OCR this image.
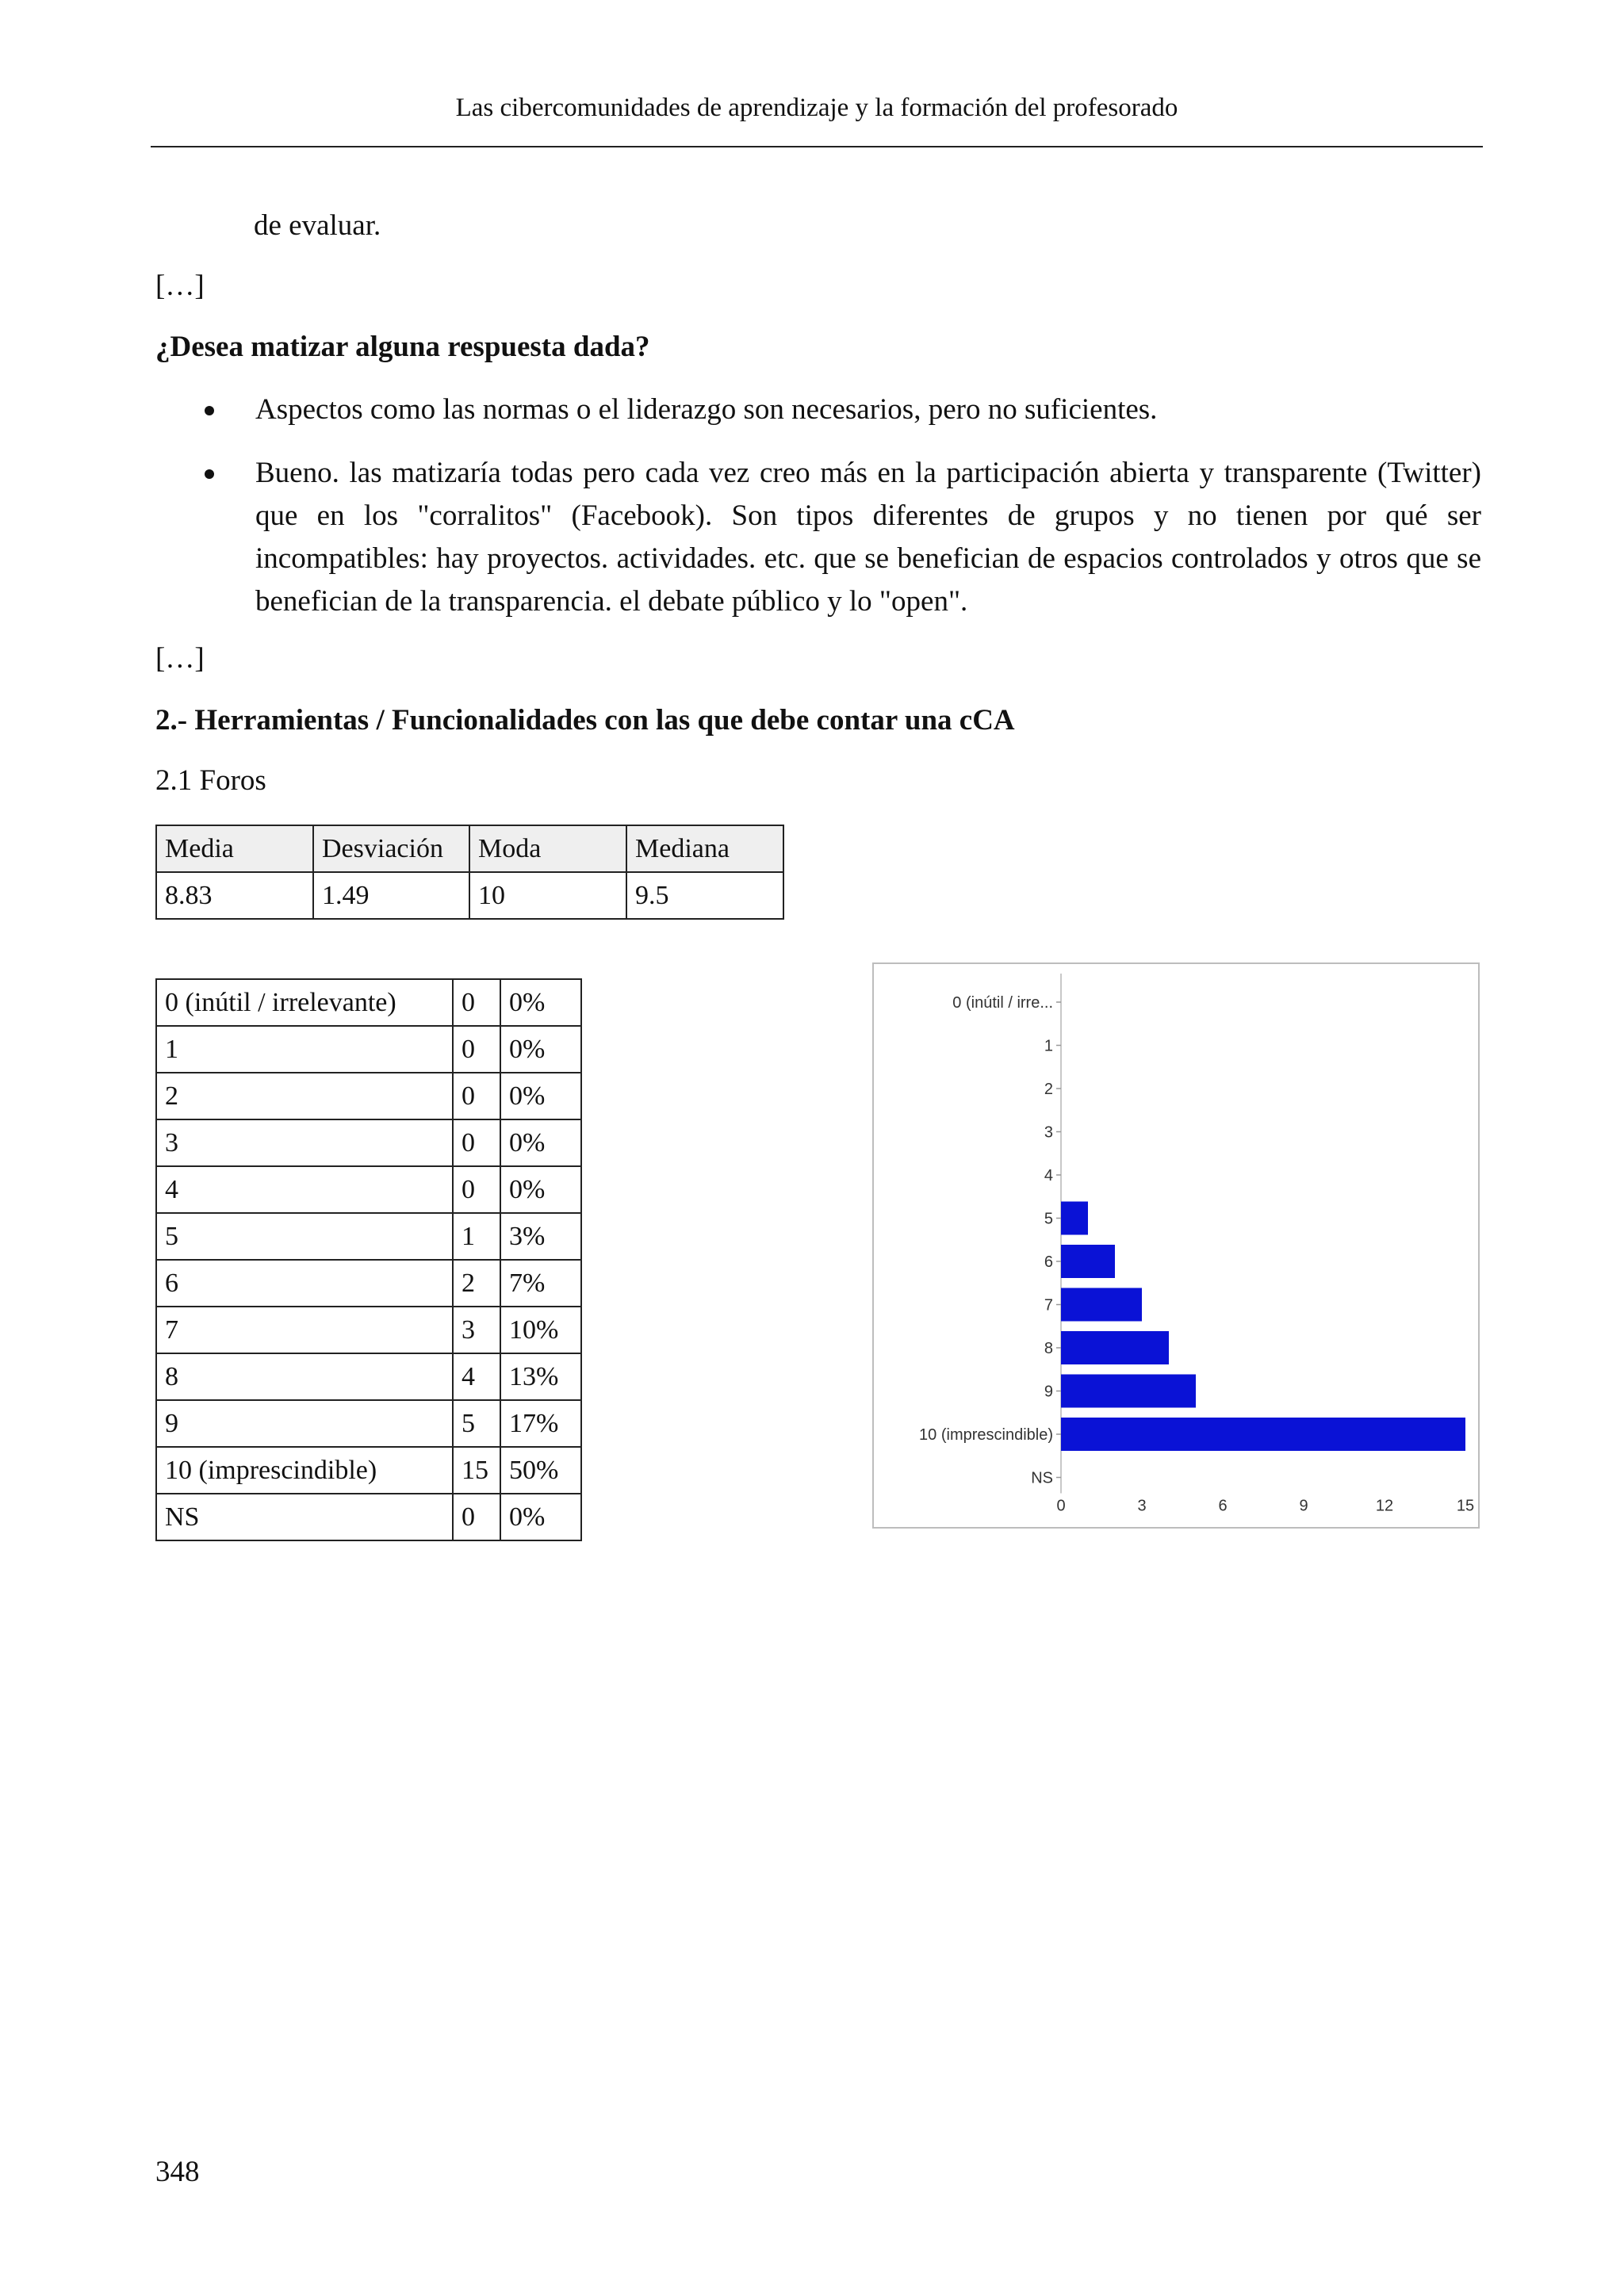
Las cibercomunidades de aprendizaje y la formación del profesorado
de evaluar.
[…]
¿Desea matizar alguna respuesta dada?
Aspectos como las normas o el liderazgo son necesarios, pero no suficientes.
Bueno. las matizaría todas pero cada vez creo más en la participación abierta y transparente (Twitter) que en los "corralitos" (Facebook). Son tipos diferentes de grupos y no tienen por qué ser incompatibles: hay proyectos. actividades. etc. que se benefician de espacios controlados y otros que se benefician de la transparencia. el debate público y lo "open".
[…]
2.- Herramientas / Funcionalidades con las que debe contar una cCA
2.1 Foros
Media	Desviación	Moda	Mediana
8.83	1.49	10	9.5
0 (inútil / irrelevante)	0	0%
1	0	0%
2	0	0%
3	0	0%
4	0	0%
5	1	3%
6	2	7%
7	3	10%
8	4	13%
9	5	17%
10 (imprescindible)	15	50%
NS	0	0%
0 (inútil / irre...
1
2
3
4
5
6
7
8
9
10 (imprescindible)
NS
0	3	6	9	12	15
348
